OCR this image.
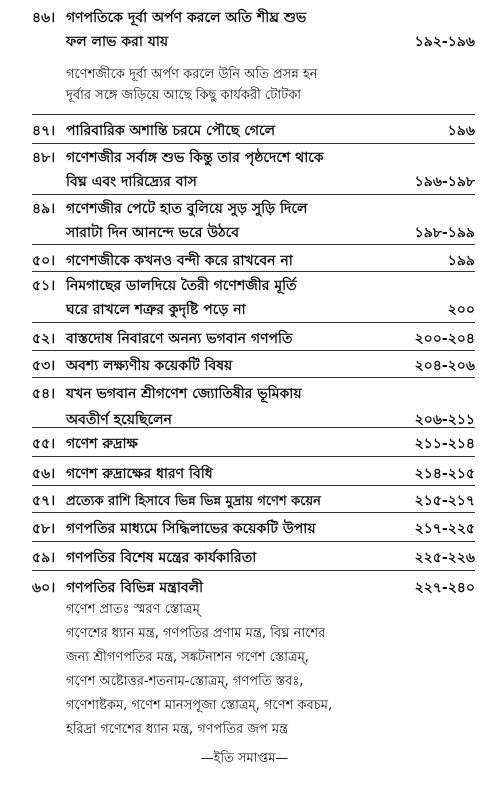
৪৬। গণপতিকে দূর্বা অর্পণ করলে অতি শীঘ্র শুভ
ফল লাভ করা যায়	১৯২-১৯৬
গণেশজীকে দূর্বা অর্পণ করলে উনি অতি প্রসন্ন হন
দূর্বার সঙ্গে জড়িয়ে আছে কিছু কার্যকরী টোটকা
৪৭। পারিবারিক অশান্তি চরমে পৌছে গেলে	১৯৬
৪৮। গণেশজীর সর্বাঙ্গ শুভ কিন্তু তার পৃষ্ঠদেশে থাকে
বিঘ্ন এবং দারিদ্র্যের বাস	১৯৬-১৯৮
৪৯। গণেশজীর পেটে হাত বুলিয়ে সুড় সুড়ি দিলে
সারাটা দিন আনন্দে ভরে উঠবে	১৯৮-১৯৯
৫০। গণেশজীকে কখনও বন্দী করে রাখবেন না	১৯৯
৫১। নিমগাছের ডালদিয়ে তৈরী গণেশজীর মূর্তি
ঘরে রাখলে শত্রুর কুদৃষ্টি পড়ে না	২০০
৫২। বাস্তদোষ নিবারণে অনন্য ভগবান গণপতি	২০০-২০৪
৫৩। অবশ্য লক্ষ্যণীয় কয়েকটি বিষয়	২০৪-২০৬
৫৪। যখন ভগবান শ্রীগণেশ জ্যোতিষীর ভূমিকায়
অবতীর্ণ হয়েছিলেন	২০৬-২১১
৫৫। গণেশ রুদ্রাক্ষ	২১১-২১৪
৫৬। গণেশ রুদ্রাক্ষের ধারণ বিধি	২১৪-২১৫
৫৭। প্রত্যেক রাশি হিসাবে ভিন্ন ভিন্ন মুদ্রায় গণেশ কয়েন	২১৫-২১৭
৫৮। গণপতির মাধ্যমে সিদ্ধিলাভের কয়েকটি উপায়	২১৭-২২৫
৫৯। গণপতির বিশেষ মন্ত্রের কার্যকারিতা	২২৫-২২৬
৬০। গণপতির বিভিন্ন মন্ত্রাবলী	২২৭-২৪০
গণেশ প্রাতঃ স্মরণ স্তোত্রম্
গণেশের ধ্যান মন্ত্র, গণপতির প্রণাম মন্ত্র, বিঘ্ন নাশের
জন্য শ্রীগণপতির মন্ত্র, সঙ্কটনাশন গণেশ স্তোত্রম্,
গণেশ অষ্টোত্তর-শতনাম-স্তোত্রম্, গণপতি স্তবঃ,
গণেশাষ্টকম, গণেশ মানসপূজা স্তোত্রম্, গণেশ কবচম,
হরিদ্রা গণেশের ধ্যান মন্ত্র, গণপতির জপ মন্ত্র
—ইতি সমাপ্তম—
